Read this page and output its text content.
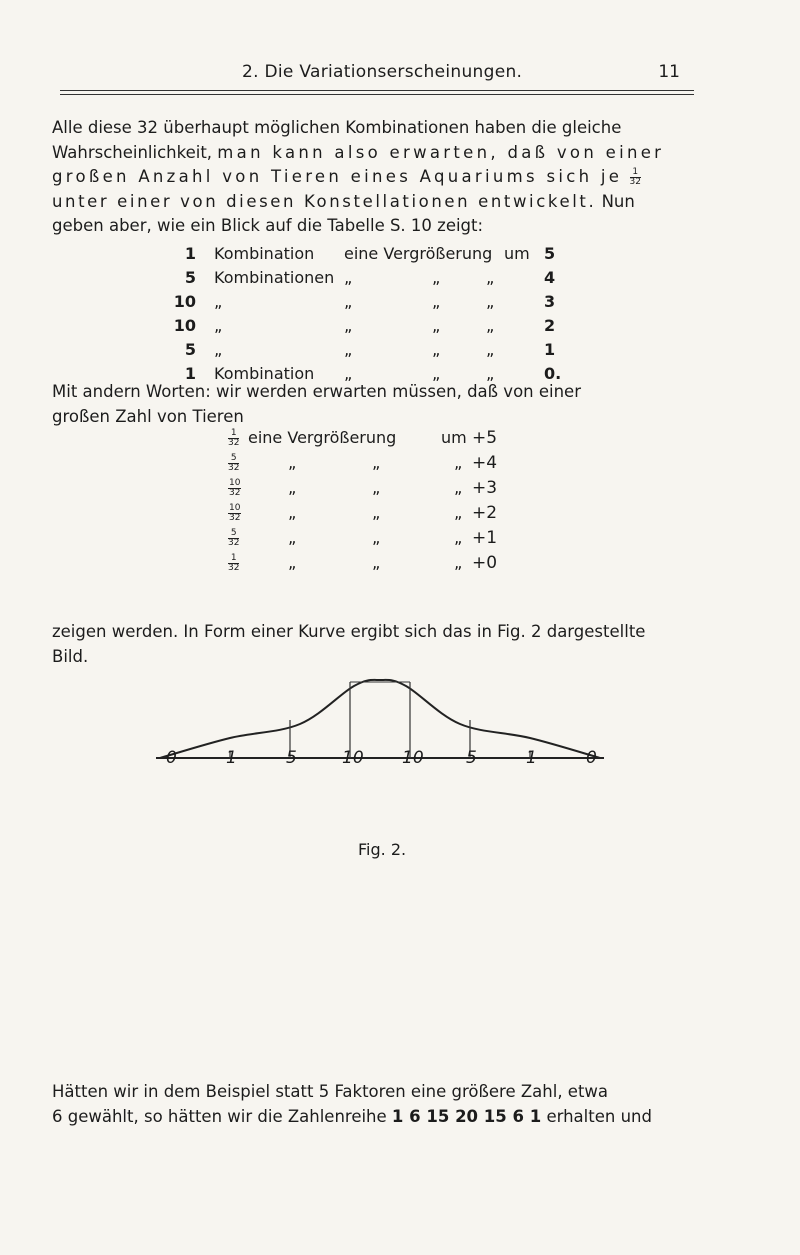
2. Die Variationserscheinungen.	11
Alle diese 32 überhaupt möglichen Kombinationen haben die gleiche
Wahrscheinlichkeit, man kann also erwarten, daß von einer
großen Anzahl von Tieren eines Aquariums sich je $\frac{1}{32}$
unter einer von diesen Konstellationen entwickelt. Nun
geben aber, wie ein Blick auf die Tabelle S. 10 zeigt:
1 Kombination eine Vergrößerung um 5
5 Kombinationen „	„	„	4
10 „	„	„	„	3
10 „	„	„	„	2
5 „	„	„	„	1
1 Kombination „	„	„	0.
Mit andern Worten: wir werden erwarten müssen, daß von einer
großen Zahl von Tieren
$\frac{1}{32}$ eine Vergrößerung	um +5
$\frac{5}{32}$	„	„	„ +4
$\frac{10}{32}$	„	„	„ +3
$\frac{10}{32}$	„	„	„ +2
$\frac{5}{32}$	„	„	„ +1
$\frac{1}{32}$	„	„	„ +0
zeigen werden. In Form einer Kurve ergibt sich das in Fig. 2 dargestellte
Bild.
0	1	5	10 10 5	1	0
Fig. 2.
Hätten wir in dem Beispiel statt 5 Faktoren eine größere Zahl, etwa
6 gewählt, so hätten wir die Zahlenreihe 1 6 15 20 15 6 1 erhalten und
